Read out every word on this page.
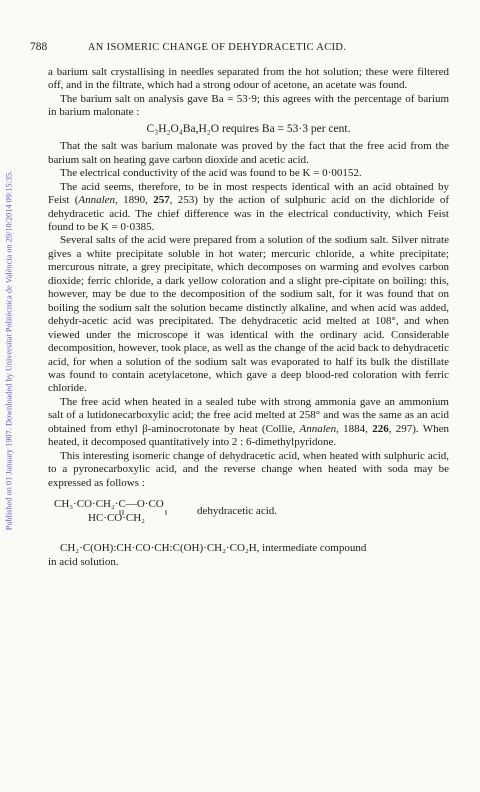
Published on 01 January 1907. Downloaded by Universitat Politècnica de València on 29/10/2014 09:15:35.
788	AN ISOMERIC CHANGE OF DEHYDRACETIC ACID.

a barium salt crystallising in needles separated from the hot solution; these were filtered off, and in the filtrate, which had a strong odour of acetone, an acetate was found.

The barium salt on analysis gave Ba = 53·9; this agrees with the percentage of barium in barium malonate :

C₃H₂O₄Ba,H₂O requires Ba = 53·3 per cent.

That the salt was barium malonate was proved by the fact that the free acid from the barium salt on heating gave carbon dioxide and acetic acid.

The electrical conductivity of the acid was found to be K = 0·00152.

The acid seems, therefore, to be in most respects identical with an acid obtained by Feist (Annalen, 1890, 257, 253) by the action of sulphuric acid on the dichloride of dehydracetic acid. The chief difference was in the electrical conductivity, which Feist found to be K = 0·0385.

Several salts of the acid were prepared from a solution of the sodium salt. Silver nitrate gives a white precipitate soluble in hot water; mercuric chloride, a white precipitate; mercurous nitrate, a grey precipitate, which decomposes on warming and evolves carbon dioxide; ferric chloride, a dark yellow coloration and a slight pre-cipitate on boiling: this, however, may be due to the decomposition of the sodium salt, for it was found that on boiling the sodium salt the solution became distinctly alkaline, and when acid was added, dehydr-acetic acid was precipitated. The dehydracetic acid melted at 108°, and when viewed under the microscope it was identical with the ordinary acid. Considerable decomposition, however, took place, as well as the change of the acid back to dehydracetic acid, for when a solution of the sodium salt was evaporated to half its bulk the distillate was found to contain acetylacetone, which gave a deep blood-red coloration with ferric chloride.

The free acid when heated in a sealed tube with strong ammonia gave an ammonium salt of a lutidonecarboxylic acid; the free acid melted at 258° and was the same as an acid obtained from ethyl β-aminocrotonate by heat (Collie, Annalen, 1884, 226, 297). When heated, it decomposed quantitatively into 2 : 6-dimethylpyridone.

This interesting isomeric change of dehydracetic acid, when heated with sulphuric acid, to a pyronecarboxylic acid, and the reverse change when heated with soda may be expressed as follows :

CH₃·CO·CH₂·C—O·CO
HC·CO·CH₂
dehydracetic acid.

CH₂·C(OH):CH·CO·CH:C(OH)·CH₂·CO₂H, intermediate compound

in acid solution.
